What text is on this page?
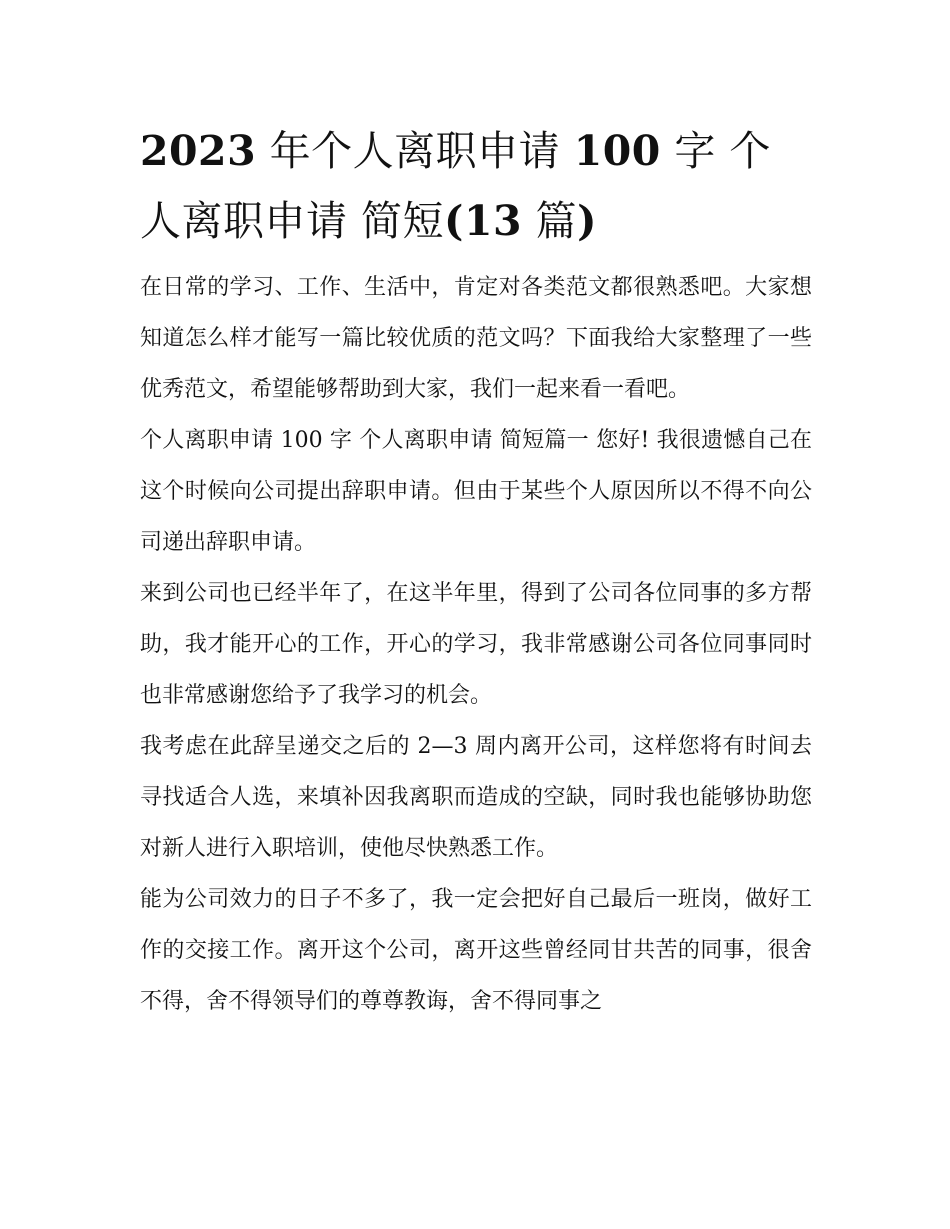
2023 年个人离职申请 100 字 个人离职申请 简短(13 篇)

在日常的学习、工作、生活中，肯定对各类范文都很熟悉吧。大家想知道怎么样才能写一篇比较优质的范文吗？下面我给大家整理了一些优秀范文，希望能够帮助到大家，我们一起来看一看吧。

个人离职申请 100 字 个人离职申请 简短篇一 您好! 我很遗憾自己在这个时候向公司提出辞职申请。但由于某些个人原因所以不得不向公司递出辞职申请。

来到公司也已经半年了，在这半年里，得到了公司各位同事的多方帮助，我才能开心的工作，开心的学习，我非常感谢公司各位同事同时也非常感谢您给予了我学习的机会。

我考虑在此辞呈递交之后的 2—3 周内离开公司，这样您将有时间去寻找适合人选，来填补因我离职而造成的空缺，同时我也能够协助您对新人进行入职培训，使他尽快熟悉工作。

能为公司效力的日子不多了，我一定会把好自己最后一班岗，做好工作的交接工作。离开这个公司，离开这些曾经同甘共苦的同事，很舍不得，舍不得领导们的尊尊教诲，舍不得同事之
